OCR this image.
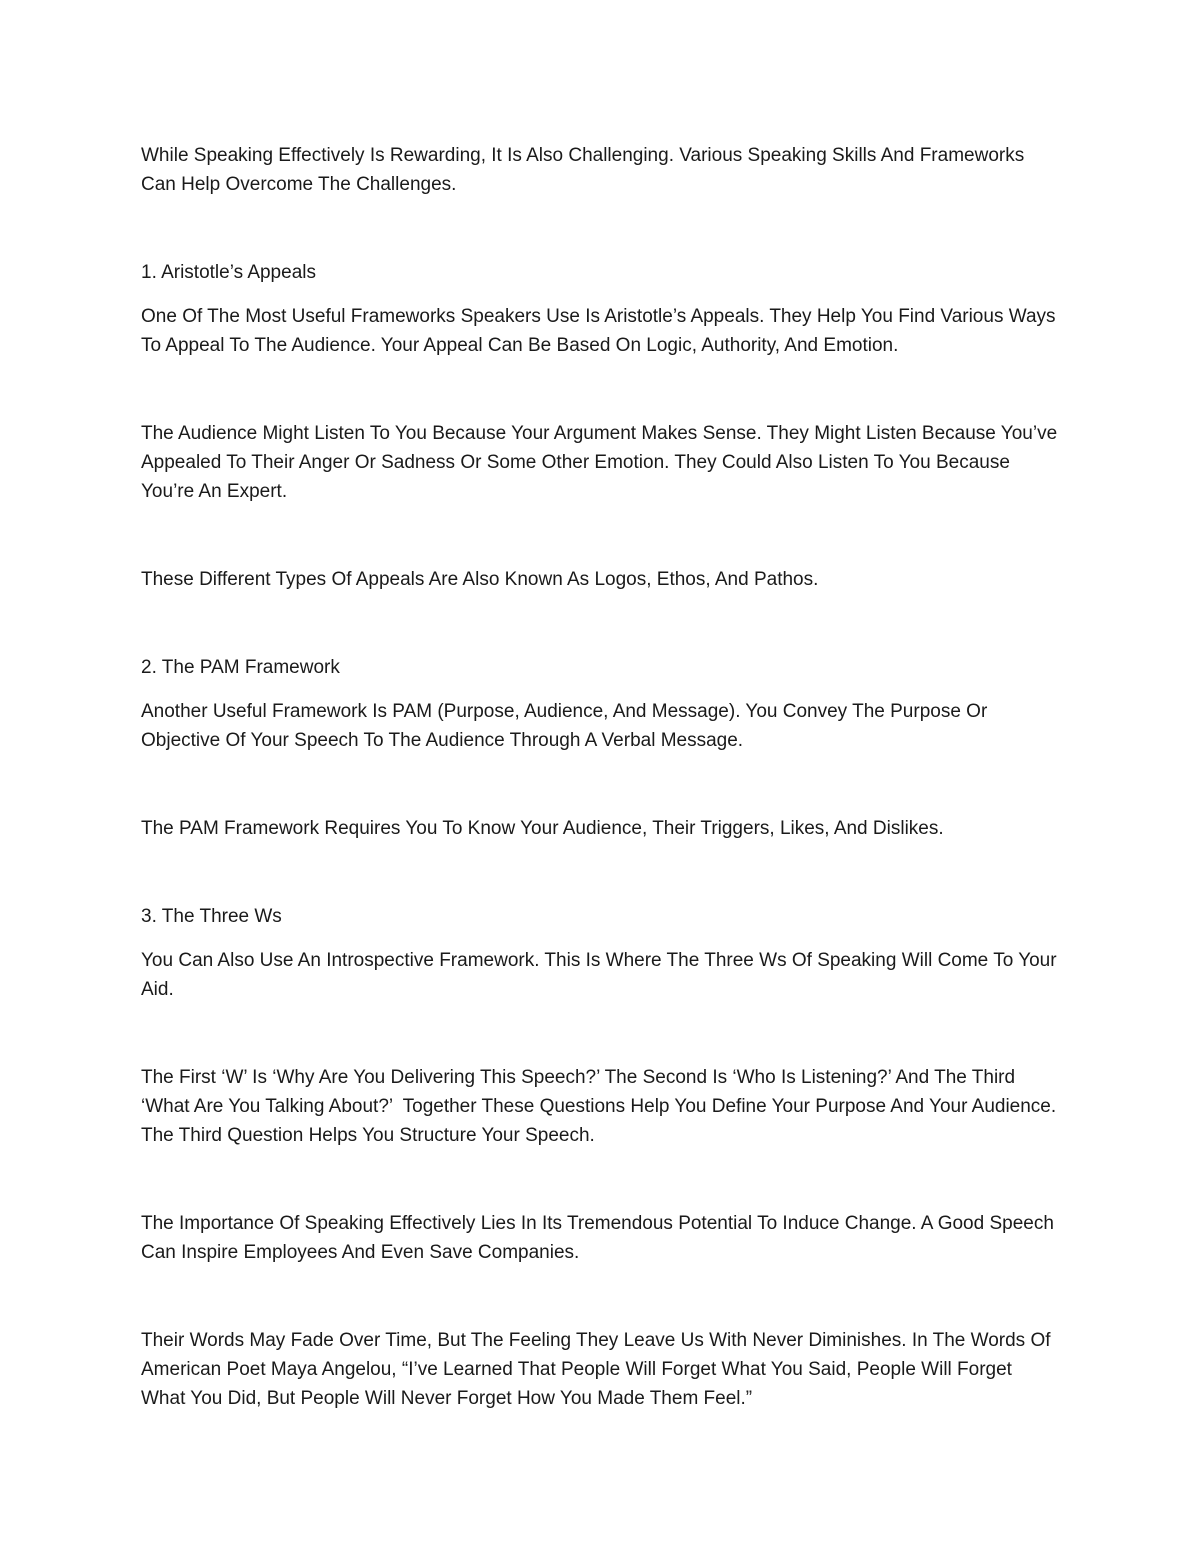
While Speaking Effectively Is Rewarding, It Is Also Challenging. Various Speaking Skills And Frameworks Can Help Overcome The Challenges.

1. Aristotle’s Appeals

One Of The Most Useful Frameworks Speakers Use Is Aristotle’s Appeals. They Help You Find Various Ways To Appeal To The Audience. Your Appeal Can Be Based On Logic, Authority, And Emotion.

The Audience Might Listen To You Because Your Argument Makes Sense. They Might Listen Because You’ve Appealed To Their Anger Or Sadness Or Some Other Emotion. They Could Also Listen To You Because You’re An Expert.

These Different Types Of Appeals Are Also Known As Logos, Ethos, And Pathos.

2. The PAM Framework

Another Useful Framework Is PAM (Purpose, Audience, And Message). You Convey The Purpose Or Objective Of Your Speech To The Audience Through A Verbal Message.

The PAM Framework Requires You To Know Your Audience, Their Triggers, Likes, And Dislikes.

3. The Three Ws

You Can Also Use An Introspective Framework. This Is Where The Three Ws Of Speaking Will Come To Your Aid.

The First ‘W’ Is ‘Why Are You Delivering This Speech?’ The Second Is ‘Who Is Listening?’ And The Third ‘What Are You Talking About?’  Together These Questions Help You Define Your Purpose And Your Audience. The Third Question Helps You Structure Your Speech.

The Importance Of Speaking Effectively Lies In Its Tremendous Potential To Induce Change. A Good Speech Can Inspire Employees And Even Save Companies.

Their Words May Fade Over Time, But The Feeling They Leave Us With Never Diminishes. In The Words Of American Poet Maya Angelou, “I’ve Learned That People Will Forget What You Said, People Will Forget What You Did, But People Will Never Forget How You Made Them Feel.”
